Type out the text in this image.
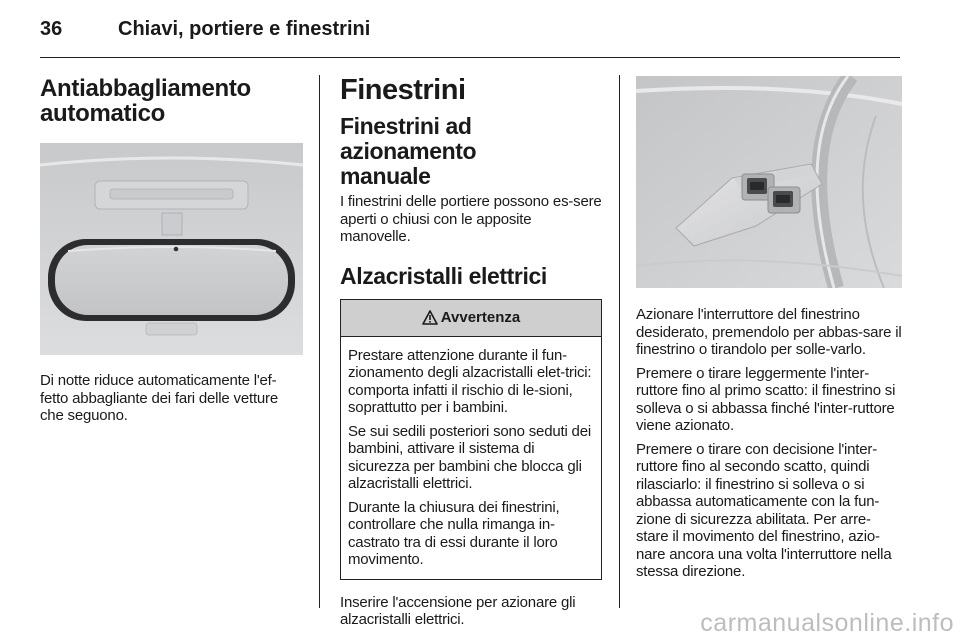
36	Chiavi, portiere e finestrini
Antiabbagliamento
automatico

Di notte riduce automaticamente l'ef-fetto abbagliante dei fari delle vetture che seguono.

Finestrini
Finestrini ad azionamento
manuale

I finestrini delle portiere possono es-sere aperti o chiusi con le apposite manovelle.

Alzacristalli elettrici
Avvertenza

Prestare attenzione durante il fun-zionamento degli alzacristalli elet-trici: comporta infatti il rischio di le-sioni, soprattutto per i bambini.

Se sui sedili posteriori sono seduti dei bambini, attivare il sistema di sicurezza per bambini che blocca gli alzacristalli elettrici.

Durante la chiusura dei finestrini, controllare che nulla rimanga in-castrato tra di essi durante il loro movimento.

Inserire l'accensione per azionare gli alzacristalli elettrici.

Azionare l'interruttore del finestrino desiderato, premendolo per abbas-sare il finestrino o tirandolo per solle-varlo.

Premere o tirare leggermente l'inter-ruttore fino al primo scatto: il finestrino si solleva o si abbassa finché l'inter-ruttore viene azionato.

Premere o tirare con decisione l'inter-ruttore fino al secondo scatto, quindi rilasciarlo: il finestrino si solleva o si abbassa automaticamente con la fun-zione di sicurezza abilitata. Per arre-stare il movimento del finestrino, azio-nare ancora una volta l'interruttore nella stessa direzione.

carmanualsonline.info
